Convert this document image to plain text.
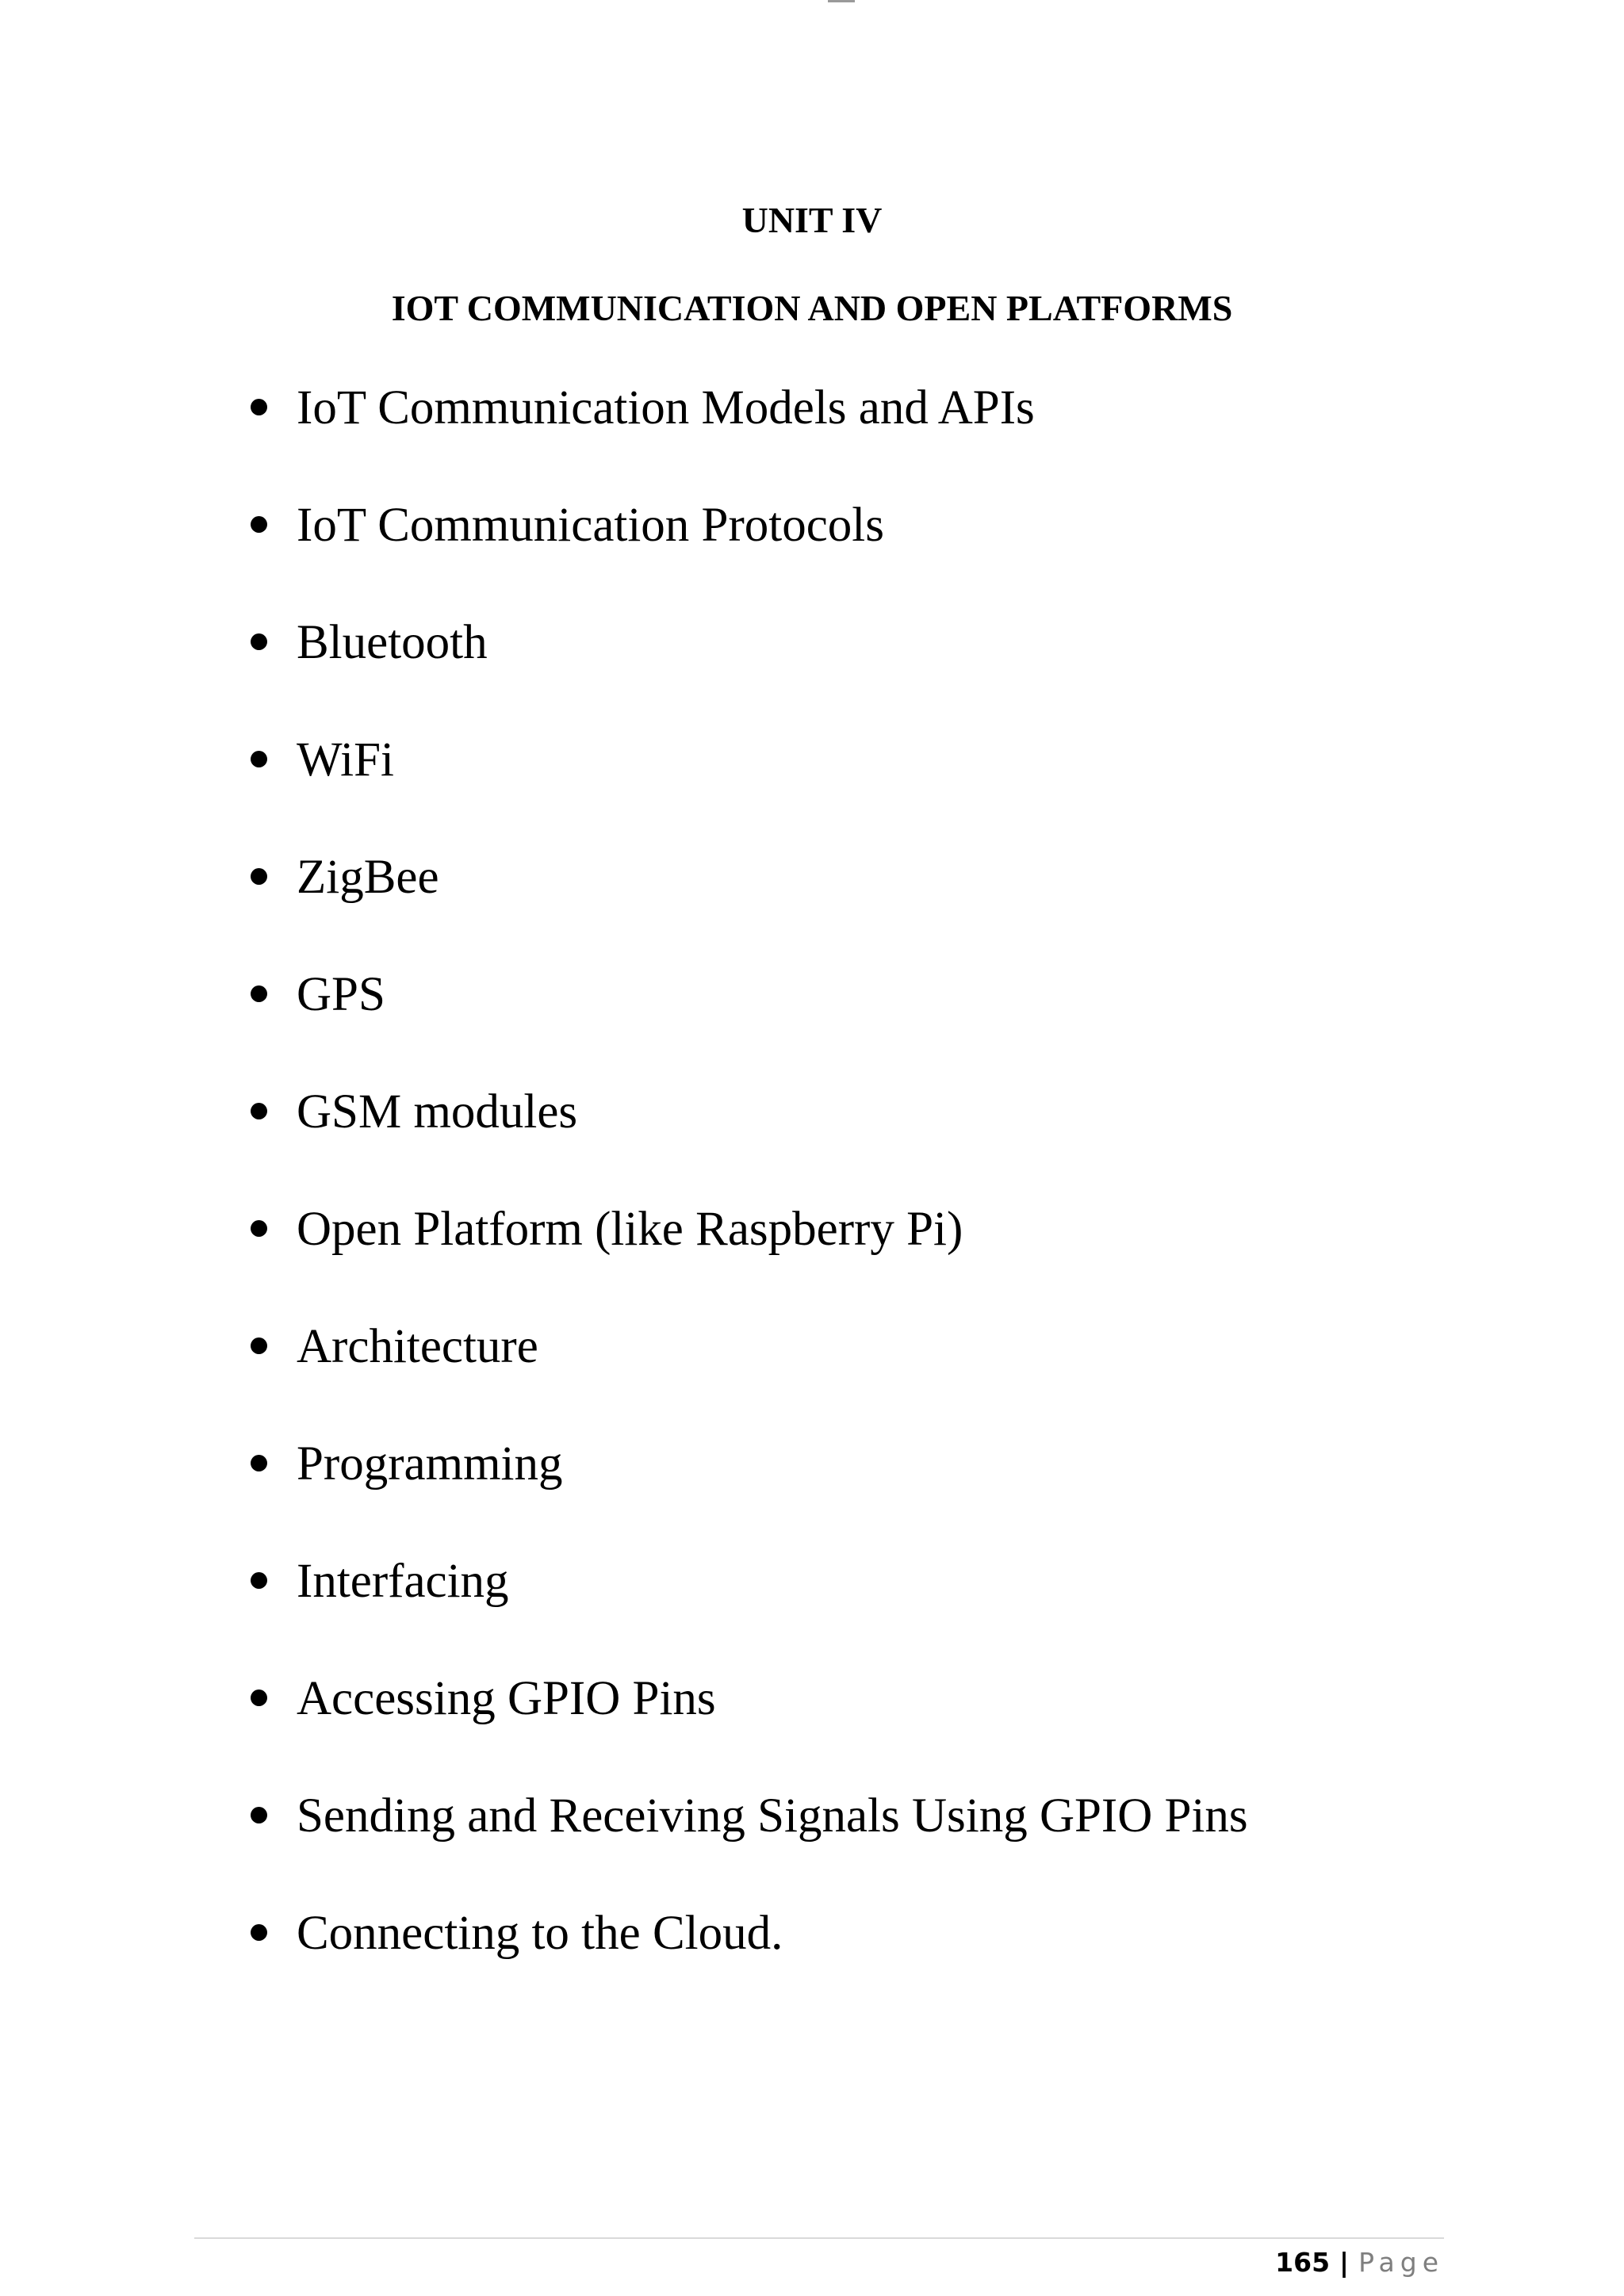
UNIT IV
IOT COMMUNICATION AND OPEN PLATFORMS
IoT Communication Models and APIs
IoT Communication Protocols
Bluetooth
WiFi
ZigBee
GPS
GSM modules
Open Platform (like Raspberry Pi)
Architecture
Programming
Interfacing
Accessing GPIO Pins
Sending and Receiving Signals Using GPIO Pins
Connecting to the Cloud.
165 | Page
